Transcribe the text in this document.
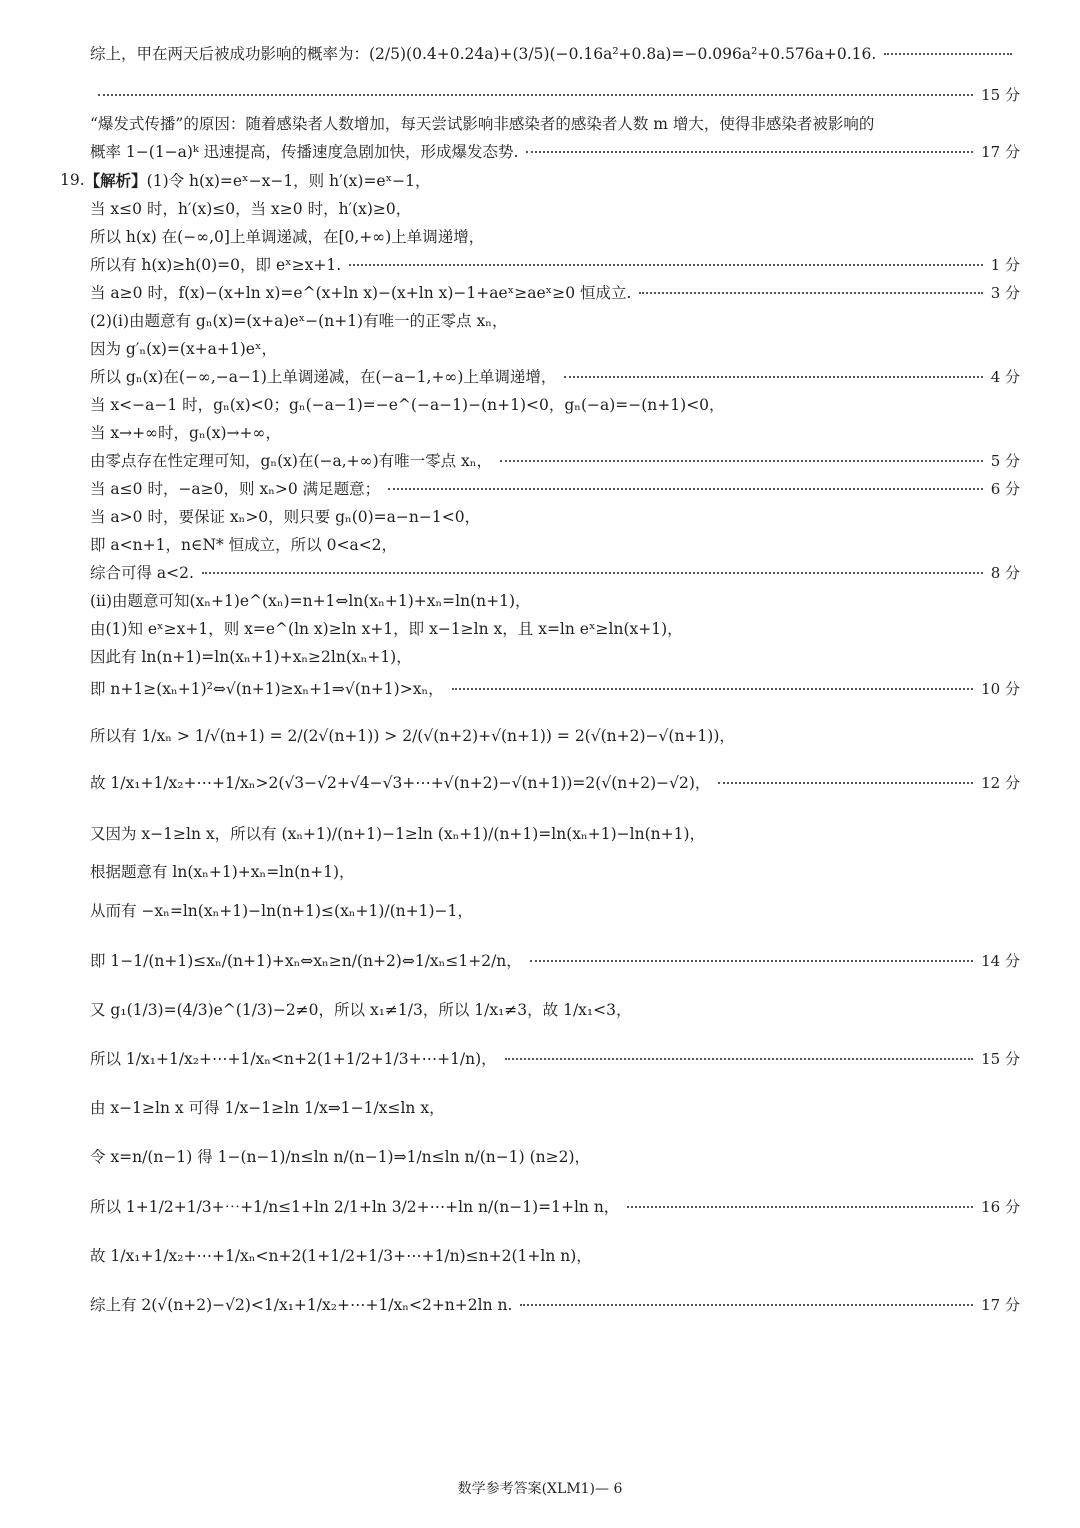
综上，甲在两天后被成功影响的概率为：(2/5)(0.4+0.24a)+(3/5)(−0.16a²+0.8a)=−0.096a²+0.576a+0.16.
15 分
“爆发式传播”的原因：随着感染者人数增加，每天尝试影响非感染者的感染者人数 m 增大，使得非感染者被影响的
概率 1−(1−a)ᵏ 迅速提高，传播速度急剧加快，形成爆发态势.	17 分
19. 【解析】 (1)令 h(x)=eˣ−x−1，则 h′(x)=eˣ−1，
当 x≤0 时，h′(x)≤0，当 x≥0 时，h′(x)≥0，
所以 h(x) 在(−∞,0]上单调递减，在[0,+∞)上单调递增，
所以有 h(x)≥h(0)=0，即 eˣ≥x+1.	1 分
当 a≥0 时，f(x)−(x+ln x)=e^(x+ln x)−(x+ln x)−1+aeˣ≥aeˣ≥0 恒成立.	3 分
(2)(ⅰ)由题意有 gₙ(x)=(x+a)eˣ−(n+1)有唯一的正零点 xₙ，
因为 g′ₙ(x)=(x+a+1)eˣ，
所以 gₙ(x)在(−∞,−a−1)上单调递减，在(−a−1,+∞)上单调递增，	4 分
当 x<−a−1 时，gₙ(x)<0；gₙ(−a−1)=−e^(−a−1)−(n+1)<0，gₙ(−a)=−(n+1)<0，
当 x→+∞时，gₙ(x)→+∞，
由零点存在性定理可知，gₙ(x)在(−a,+∞)有唯一零点 xₙ，	5 分
当 a≤0 时，−a≥0，则 xₙ>0 满足题意；	6 分
当 a>0 时，要保证 xₙ>0，则只要 gₙ(0)=a−n−1<0，
即 a<n+1，n∈N* 恒成立，所以 0<a<2，
综合可得 a<2.	8 分
(ⅱ)由题意可知(xₙ+1)e^(xₙ)=n+1⇔ln(xₙ+1)+xₙ=ln(n+1)，
由(1)知 eˣ≥x+1，则 x=e^(ln x)≥ln x+1，即 x−1≥ln x，且 x=ln eˣ≥ln(x+1)，
因此有 ln(n+1)=ln(xₙ+1)+xₙ≥2ln(xₙ+1)，
即 n+1≥(xₙ+1)²⇔√(n+1)≥xₙ+1⇒√(n+1)>xₙ，	10 分
所以有 1/xₙ > 1/√(n+1) = 2/(2√(n+1)) > 2/(√(n+2)+√(n+1)) = 2(√(n+2)−√(n+1))，
故 1/x₁+1/x₂+⋯+1/xₙ>2(√3−√2+√4−√3+⋯+√(n+2)−√(n+1))=2(√(n+2)−√2)，	12 分
又因为 x−1≥ln x，所以有 (xₙ+1)/(n+1)−1≥ln (xₙ+1)/(n+1)=ln(xₙ+1)−ln(n+1)，
根据题意有 ln(xₙ+1)+xₙ=ln(n+1)，
从而有 −xₙ=ln(xₙ+1)−ln(n+1)≤(xₙ+1)/(n+1)−1，
即 1−1/(n+1)≤xₙ/(n+1)+xₙ⇔xₙ≥n/(n+2)⇔1/xₙ≤1+2/n，	14 分
又 g₁(1/3)=(4/3)e^(1/3)−2≠0，所以 x₁≠1/3，所以 1/x₁≠3，故 1/x₁<3，
所以 1/x₁+1/x₂+⋯+1/xₙ<n+2(1+1/2+1/3+⋯+1/n)，	15 分
由 x−1≥ln x 可得 1/x−1≥ln 1/x⇒1−1/x≤ln x，
令 x=n/(n−1) 得 1−(n−1)/n≤ln n/(n−1)⇒1/n≤ln n/(n−1) (n≥2)，
所以 1+1/2+1/3+⋯+1/n≤1+ln 2/1+ln 3/2+⋯+ln n/(n−1)=1+ln n，	16 分
故 1/x₁+1/x₂+⋯+1/xₙ<n+2(1+1/2+1/3+⋯+1/n)≤n+2(1+ln n)，
综上有 2(√(n+2)−√2)<1/x₁+1/x₂+⋯+1/xₙ<2+n+2ln n.	17 分
数学参考答案(XLM1)— 6
